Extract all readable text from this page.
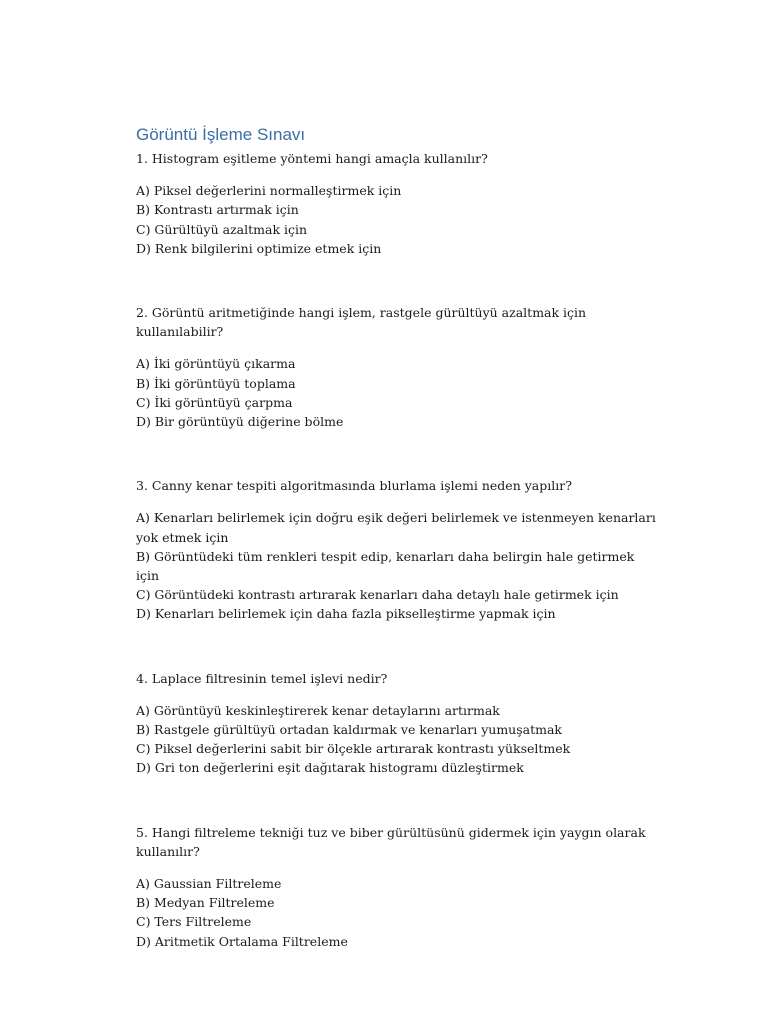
Görüntü İşleme Sınavı

1. Histogram eşitleme yöntemi hangi amaçla kullanılır?

A) Piksel değerlerini normalleştirmek için
B) Kontrastı artırmak için
C) Gürültüyü azaltmak için
D) Renk bilgilerini optimize etmek için

2. Görüntü aritmetiğinde hangi işlem, rastgele gürültüyü azaltmak için kullanılabilir?

A) İki görüntüyü çıkarma
B) İki görüntüyü toplama
C) İki görüntüyü çarpma
D) Bir görüntüyü diğerine bölme

3. Canny kenar tespiti algoritmasında blurlama işlemi neden yapılır?

A) Kenarları belirlemek için doğru eşik değeri belirlemek ve istenmeyen kenarları yok etmek için
B) Görüntüdeki tüm renkleri tespit edip, kenarları daha belirgin hale getirmek için
C) Görüntüdeki kontrastı artırarak kenarları daha detaylı hale getirmek için
D) Kenarları belirlemek için daha fazla pikselleştirme yapmak için

4. Laplace filtresinin temel işlevi nedir?

A) Görüntüyü keskinleştirerek kenar detaylarını artırmak
B) Rastgele gürültüyü ortadan kaldırmak ve kenarları yumuşatmak
C) Piksel değerlerini sabit bir ölçekle artırarak kontrastı yükseltmek
D) Gri ton değerlerini eşit dağıtarak histogramı düzleştirmek

5. Hangi filtreleme tekniği tuz ve biber gürültüsünü gidermek için yaygın olarak kullanılır?

A) Gaussian Filtreleme
B) Medyan Filtreleme
C) Ters Filtreleme
D) Aritmetik Ortalama Filtreleme
